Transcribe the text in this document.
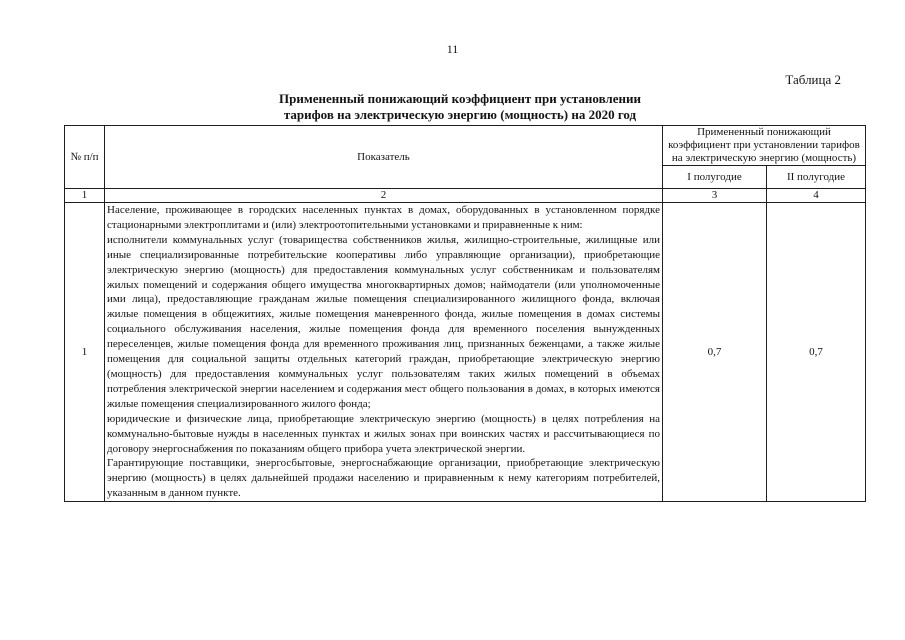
11
Таблица 2
Примененный понижающий коэффициент при установлении
тарифов на электрическую энергию (мощность) на 2020 год
№ п/п	Показатель	Примененный понижающий коэффициент при установлении тарифов на электрическую энергию (мощность)	
		I полугодие	II полугодие
1	2	3	4
1	Население, проживающее в городских населенных пунктах в домах, оборудованных в установленном порядке стационарными электроплитами и (или) электроотопительными установками и приравненные к ним:

исполнители коммунальных услуг (товарищества собственников жилья, жилищно-строительные, жилищные или иные специализированные потребительские кооперативы либо управляющие организации), приобретающие электрическую энергию (мощность) для предоставления коммунальных услуг собственникам и пользователям жилых помещений и содержания общего имущества многоквартирных домов; наймодатели (или уполномоченные ими лица), предоставляющие гражданам жилые помещения специализированного жилищного фонда, включая жилые помещения в общежитиях, жилые помещения маневренного фонда, жилые помещения в домах системы социального обслуживания населения, жилые помещения фонда для временного поселения вынужденных переселенцев, жилые помещения фонда для временного проживания лиц, признанных беженцами, а также жилые помещения для социальной защиты отдельных категорий граждан, приобретающие электрическую энергию (мощность) для предоставления коммунальных услуг пользователям таких жилых помещений в объемах потребления электрической энергии населением и содержания мест общего пользования в домах, в которых имеются жилые помещения специализированного жилого фонда;

юридические и физические лица, приобретающие электрическую энергию (мощность) в целях потребления на коммунально-бытовые нужды в населенных пунктах и жилых зонах при воинских частях и рассчитывающиеся по договору энергоснабжения по показаниям общего прибора учета электрической энергии.

Гарантирующие поставщики, энергосбытовые, энергоснабжающие организации, приобретающие электрическую энергию (мощность) в целях дальнейшей продажи населению и приравненным к нему категориям потребителей, указанным в данном пункте.	0,7	0,7
